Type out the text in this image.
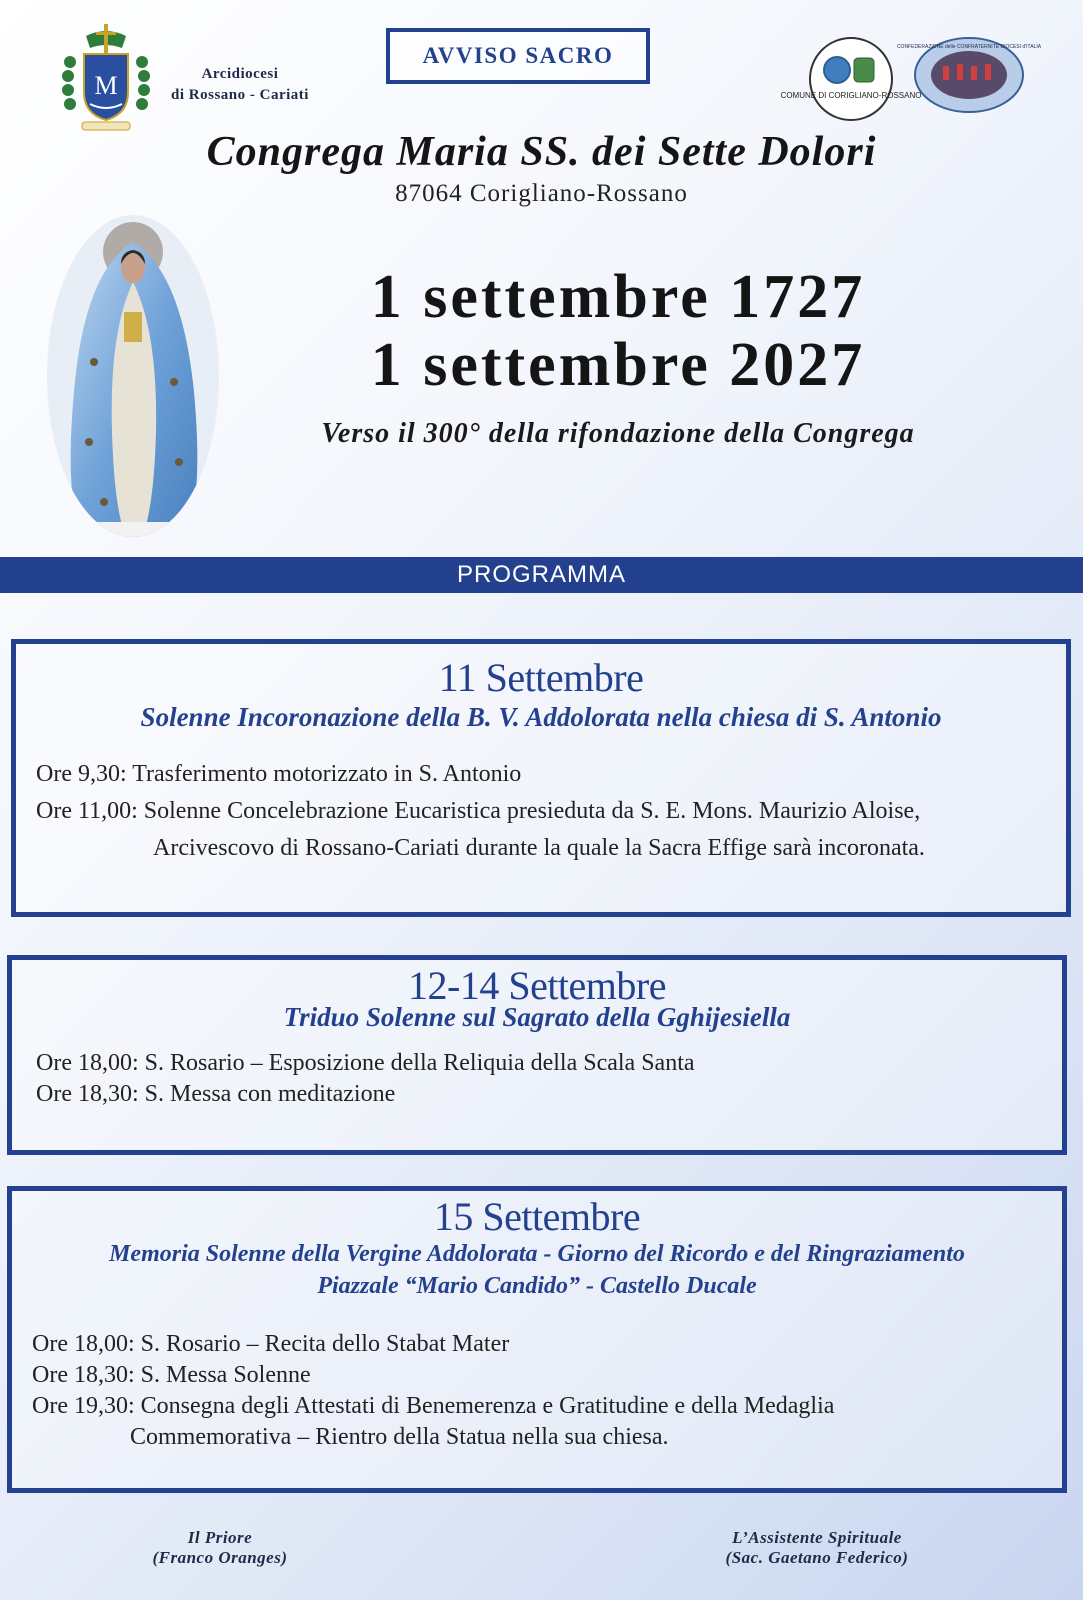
M	Arcidiocesi
di Rossano - Cariati
AVVISO SACRO
COMUNE DI CORIGLIANO-ROSSANO
CONFEDERAZIONE delle CONFRATERNITE DIOCESI d'ITALIA
Congrega Maria SS. dei Sette Dolori
87064 Corigliano-Rossano
1 settembre 1727
1 settembre 2027
Verso il 300° della rifondazione della Congrega
PROGRAMMA
11 Settembre
Solenne Incoronazione della B. V. Addolorata nella chiesa di S. Antonio
Ore 9,30: Trasferimento motorizzato in S. Antonio
Ore 11,00: Solenne Concelebrazione Eucaristica presieduta da S. E. Mons. Maurizio Aloise,
Arcivescovo di Rossano-Cariati durante la quale la Sacra Effige sarà incoronata.
12-14 Settembre
Triduo Solenne sul Sagrato della Gghijesiella
Ore 18,00: S. Rosario – Esposizione della Reliquia della Scala Santa
Ore 18,30: S. Messa con meditazione
15 Settembre
Memoria Solenne della Vergine Addolorata - Giorno del Ricordo e del Ringraziamento
Piazzale “Mario Candido” - Castello Ducale
Ore 18,00: S. Rosario – Recita dello Stabat Mater
Ore 18,30: S. Messa Solenne
Ore 19,30: Consegna degli Attestati di Benemerenza e Gratitudine e della Medaglia
Commemorativa – Rientro della Statua nella sua chiesa.
Il Priore
(Franco Oranges)
L’Assistente Spirituale
(Sac. Gaetano Federico)
